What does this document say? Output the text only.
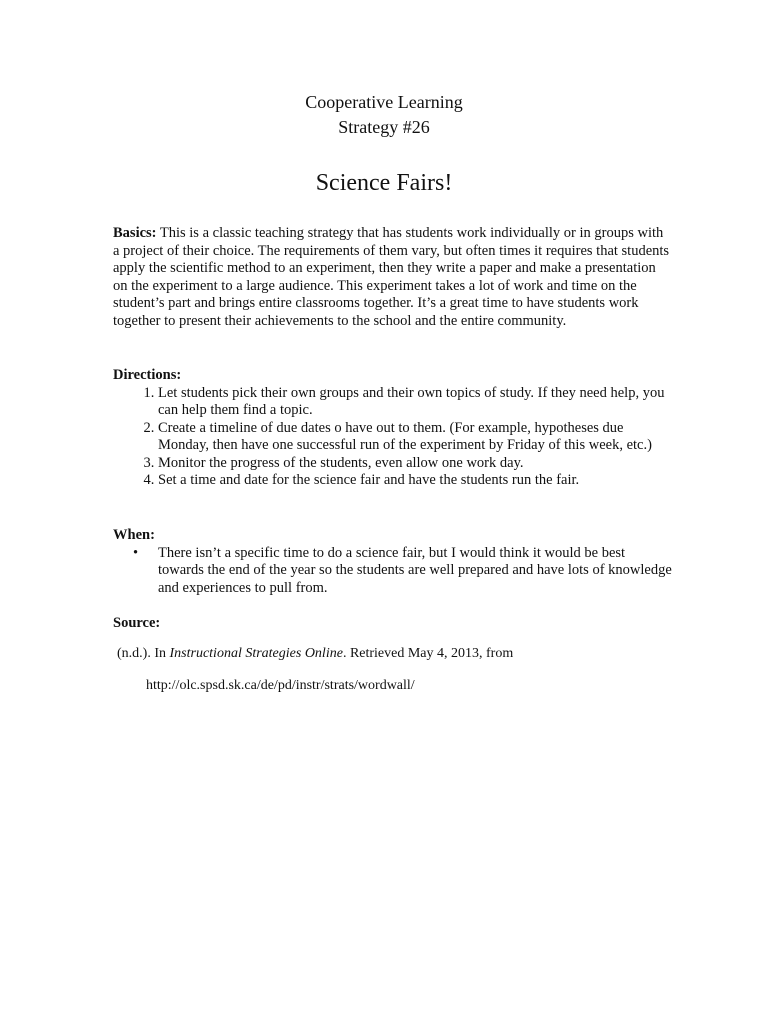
Cooperative Learning
Strategy #26
Science Fairs!

Basics: This is a classic teaching strategy that has students work individually or in groups with a project of their choice. The requirements of them vary, but often times it requires that students apply the scientific method to an experiment, then they write a paper and make a presentation on the experiment to a large audience. This experiment takes a lot of work and time on the student’s part and brings entire classrooms together. It’s a great time to have students work together to present their achievements to the school and the entire community.

Directions:
1. Let students pick their own groups and their own topics of study. If they need help, you can help them find a topic.
2. Create a timeline of due dates o have out to them. (For example, hypotheses due Monday, then have one successful run of the experiment by Friday of this week, etc.)
3. Monitor the progress of the students, even allow one work day.
4. Set a time and date for the science fair and have the students run the fair.
When:
• There isn’t a specific time to do a science fair, but I would think it would be best towards the end of the year so the students are well prepared and have lots of knowledge and experiences to pull from.
Source:
(n.d.). In Instructional Strategies Online. Retrieved May 4, 2013, from
http://olc.spsd.sk.ca/de/pd/instr/strats/wordwall/
